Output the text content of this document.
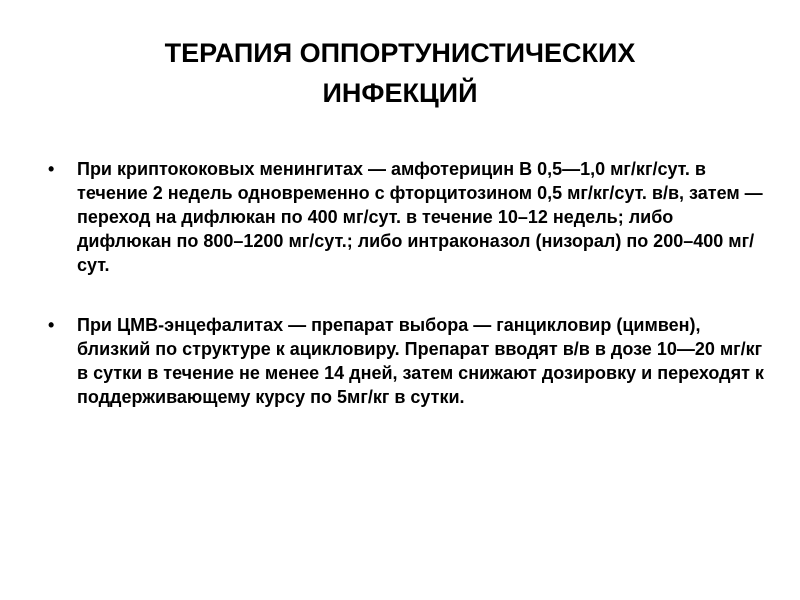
ТЕРАПИЯ ОППОРТУНИСТИЧЕСКИХ
ИНФЕКЦИЙ
• При криптококовых менингитах — амфотерицин В 0,5—1,0 мг/кг/сут. в течение 2 недель одновременно с фторцитозином 0,5 мг/кг/сут. в/в, затем — переход на дифлюкан по 400 мг/сут. в течение 10–12 недель; либо дифлюкан по 800–1200 мг/сут.; либо интраконазол (низорал) по 200–400 мг/сут.
• При ЦМВ-энцефалитах — препарат выбора — ганцикловир (цимвен), близкий по структуре к ацикловиру. Препарат вводят в/в в дозе 10—20 мг/кг в сутки в течение не менее 14 дней, затем снижают дозировку и переходят к поддерживающему курсу по 5мг/кг в сутки.
